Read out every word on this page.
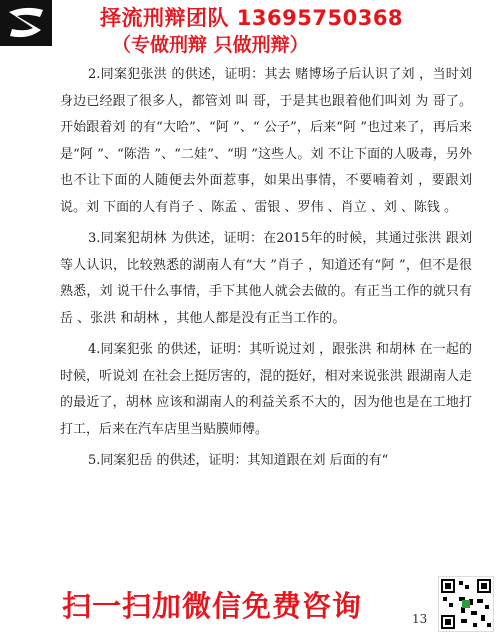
择流刑辩团队 13695750368
（专做刑辩 只做刑辩）

2.同案犯张洪 的供述，证明：其去 赌博场子后认识了刘 ，当时刘 身边已经跟了很多人，都管刘 叫 哥，于是其也跟着他们叫刘 为 哥了。开始跟着刘 的有“大哈”、“阿 ”、“ 公子”，后来“阿 ”也过来了，再后来是“阿 ”、“陈浩 ”、“二娃”、“明 ”这些人。刘 不让下面的人吸毒，另外也不让下面的人随便去外面惹事，如果出事情，不要喃着刘 ，要跟刘 说。刘 下面的人有肖子 、陈孟 、雷银 、罗伟 、肖立 、刘 、陈钱 。

3.同案犯胡林 为供述，证明：在2015年的时候，其通过张洪 跟刘 等人认识，比较熟悉的湖南人有“大 ”肖子 ，知道还有“阿 ”，但不是很熟悉，刘 说干什么事情，手下其他人就会去做的。有正当工作的就只有岳 、张洪 和胡林 ，其他人都是没有正当工作的。

4.同案犯张 的供述，证明：其听说过刘 ，跟张洪 和胡林 在一起的时候，听说刘 在社会上挺厉害的，混的挺好，相对来说张洪 跟湖南人走的最近了，胡林 应该和湖南人的利益关系不大的，因为他也是在工地打打工，后来在汽车店里当贴膜师傅。

5.同案犯岳 的供述，证明：其知道跟在刘 后面的有“

扫一扫加微信免费咨询	13
